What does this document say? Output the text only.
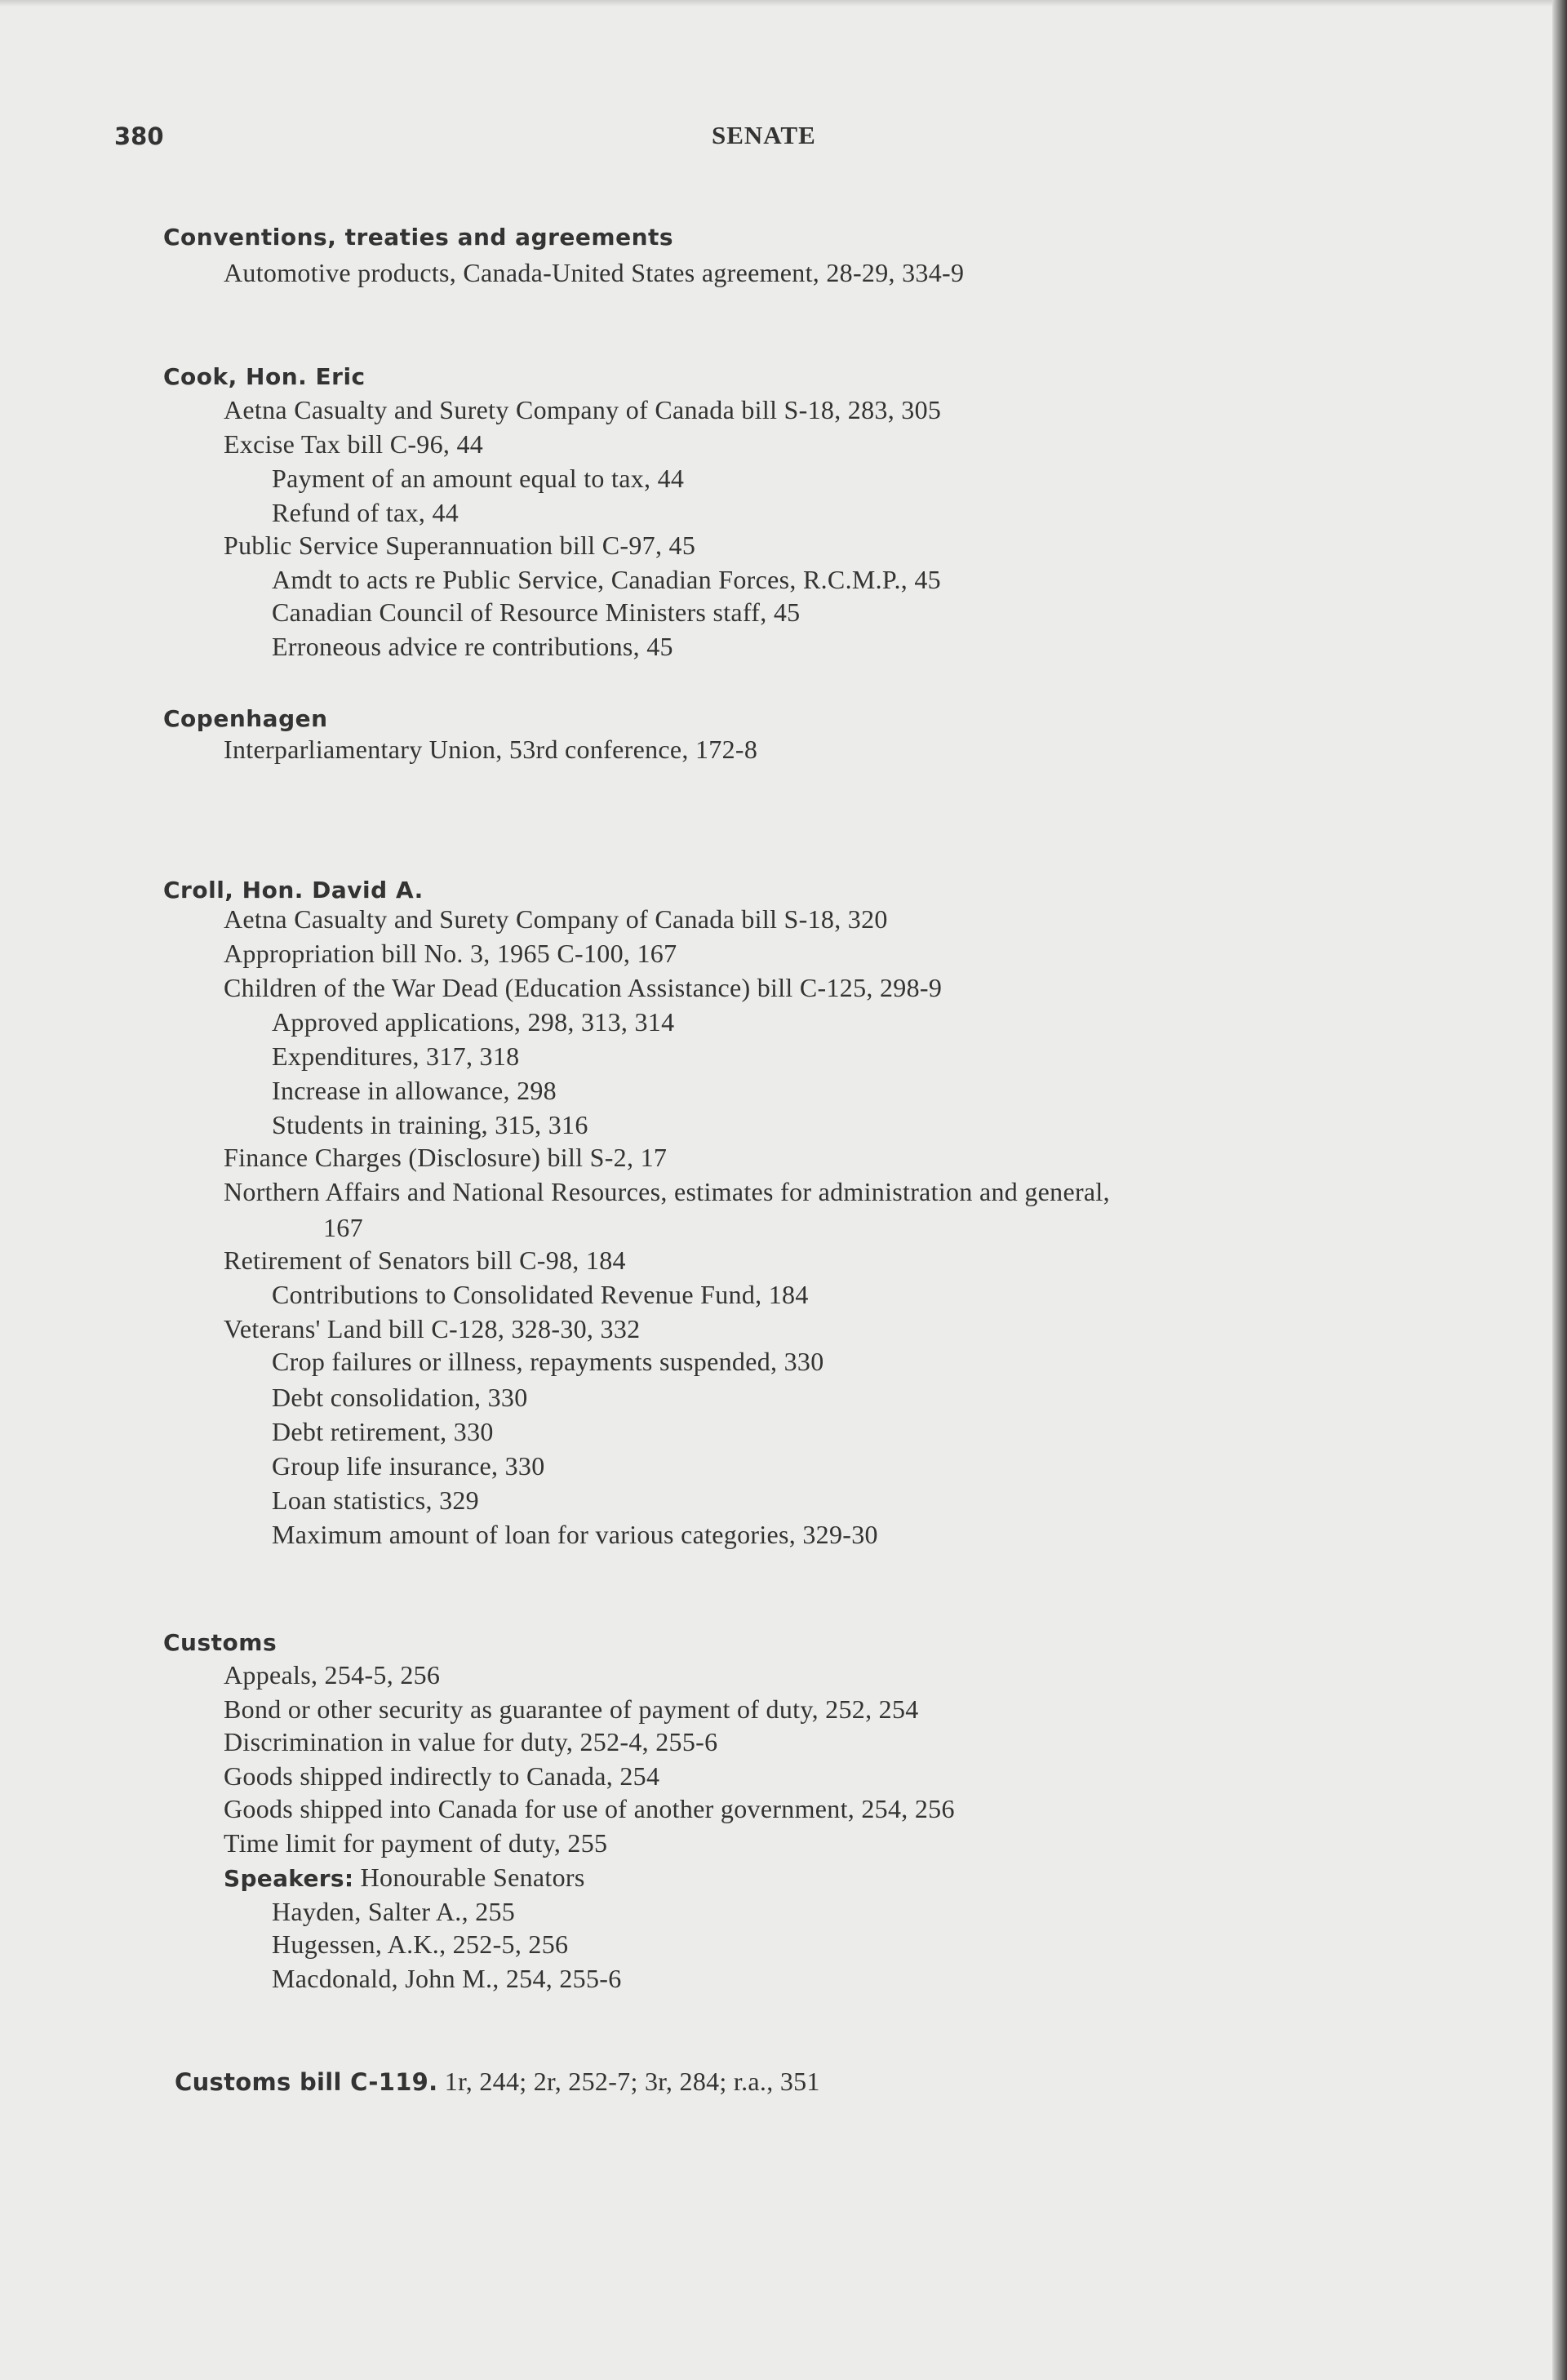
380	SENATE
Conventions, treaties and agreements
Automotive products, Canada-United States agreement, 28-29, 334-9
Cook, Hon. Eric
Aetna Casualty and Surety Company of Canada bill S-18, 283, 305
Excise Tax bill C-96, 44
Payment of an amount equal to tax, 44
Refund of tax, 44
Public Service Superannuation bill C-97, 45
Amdt to acts re Public Service, Canadian Forces, R.C.M.P., 45
Canadian Council of Resource Ministers staff, 45
Erroneous advice re contributions, 45
Copenhagen
Interparliamentary Union, 53rd conference, 172-8
Croll, Hon. David A.
Aetna Casualty and Surety Company of Canada bill S-18, 320
Appropriation bill No. 3, 1965 C-100, 167
Children of the War Dead (Education Assistance) bill C-125, 298-9
Approved applications, 298, 313, 314
Expenditures, 317, 318
Increase in allowance, 298
Students in training, 315, 316
Finance Charges (Disclosure) bill S-2, 17
Northern Affairs and National Resources, estimates for administration and general,
167
Retirement of Senators bill C-98, 184
Contributions to Consolidated Revenue Fund, 184
Veterans' Land bill C-128, 328-30, 332
Crop failures or illness, repayments suspended, 330
Debt consolidation, 330
Debt retirement, 330
Group life insurance, 330
Loan statistics, 329
Maximum amount of loan for various categories, 329-30
Customs
Appeals, 254-5, 256
Bond or other security as guarantee of payment of duty, 252, 254
Discrimination in value for duty, 252-4, 255-6
Goods shipped indirectly to Canada, 254
Goods shipped into Canada for use of another government, 254, 256
Time limit for payment of duty, 255
Speakers: Honourable Senators
Hayden, Salter A., 255
Hugessen, A.K., 252-5, 256
Macdonald, John M., 254, 255-6
Customs bill C-119. 1r, 244; 2r, 252-7; 3r, 284; r.a., 351
